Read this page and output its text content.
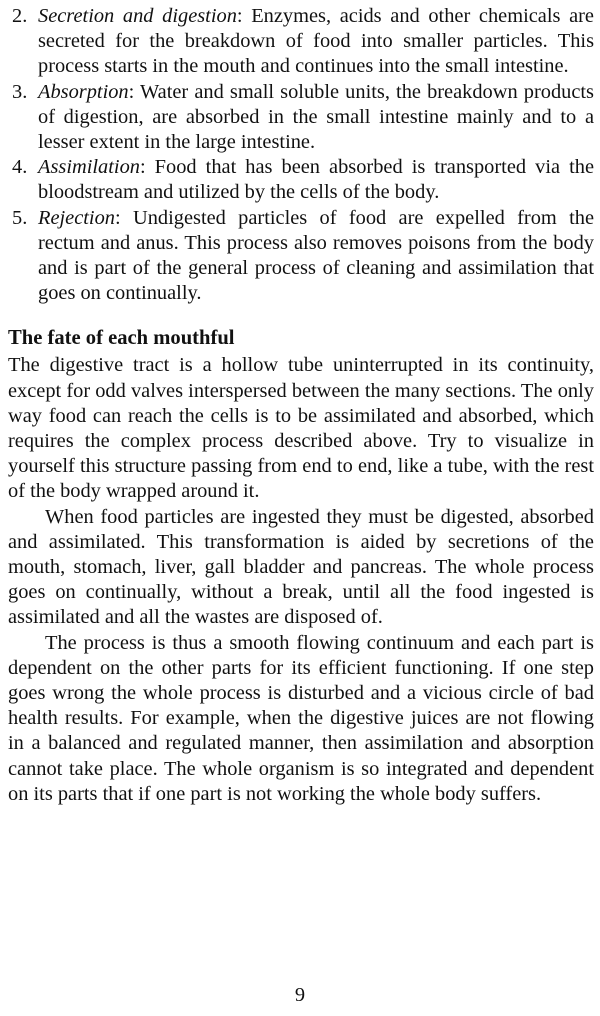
2. Secretion and digestion: Enzymes, acids and other chemicals are secreted for the breakdown of food into smaller particles. This process starts in the mouth and continues into the small intestine.
3. Absorption: Water and small soluble units, the breakdown products of digestion, are absorbed in the small intestine mainly and to a lesser extent in the large intestine.
4. Assimilation: Food that has been absorbed is transported via the bloodstream and utilized by the cells of the body.
5. Rejection: Undigested particles of food are expelled from the rectum and anus. This process also removes poisons from the body and is part of the general process of cleaning and assimilation that goes on continually.
The fate of each mouthful

The digestive tract is a hollow tube uninterrupted in its continuity, except for odd valves interspersed between the many sections. The only way food can reach the cells is to be assimilated and absorbed, which requires the complex process described above. Try to visualize in yourself this structure passing from end to end, like a tube, with the rest of the body wrapped around it.

When food particles are ingested they must be digested, absorbed and assimilated. This transformation is aided by secretions of the mouth, stomach, liver, gall bladder and pancreas. The whole process goes on continually, without a break, until all the food ingested is assimilated and all the wastes are disposed of.

The process is thus a smooth flowing continuum and each part is dependent on the other parts for its efficient functioning. If one step goes wrong the whole process is disturbed and a vicious circle of bad health results. For example, when the digestive juices are not flowing in a balanced and regulated manner, then assimilation and absorption cannot take place. The whole organism is so integrated and dependent on its parts that if one part is not working the whole body suffers.

9
